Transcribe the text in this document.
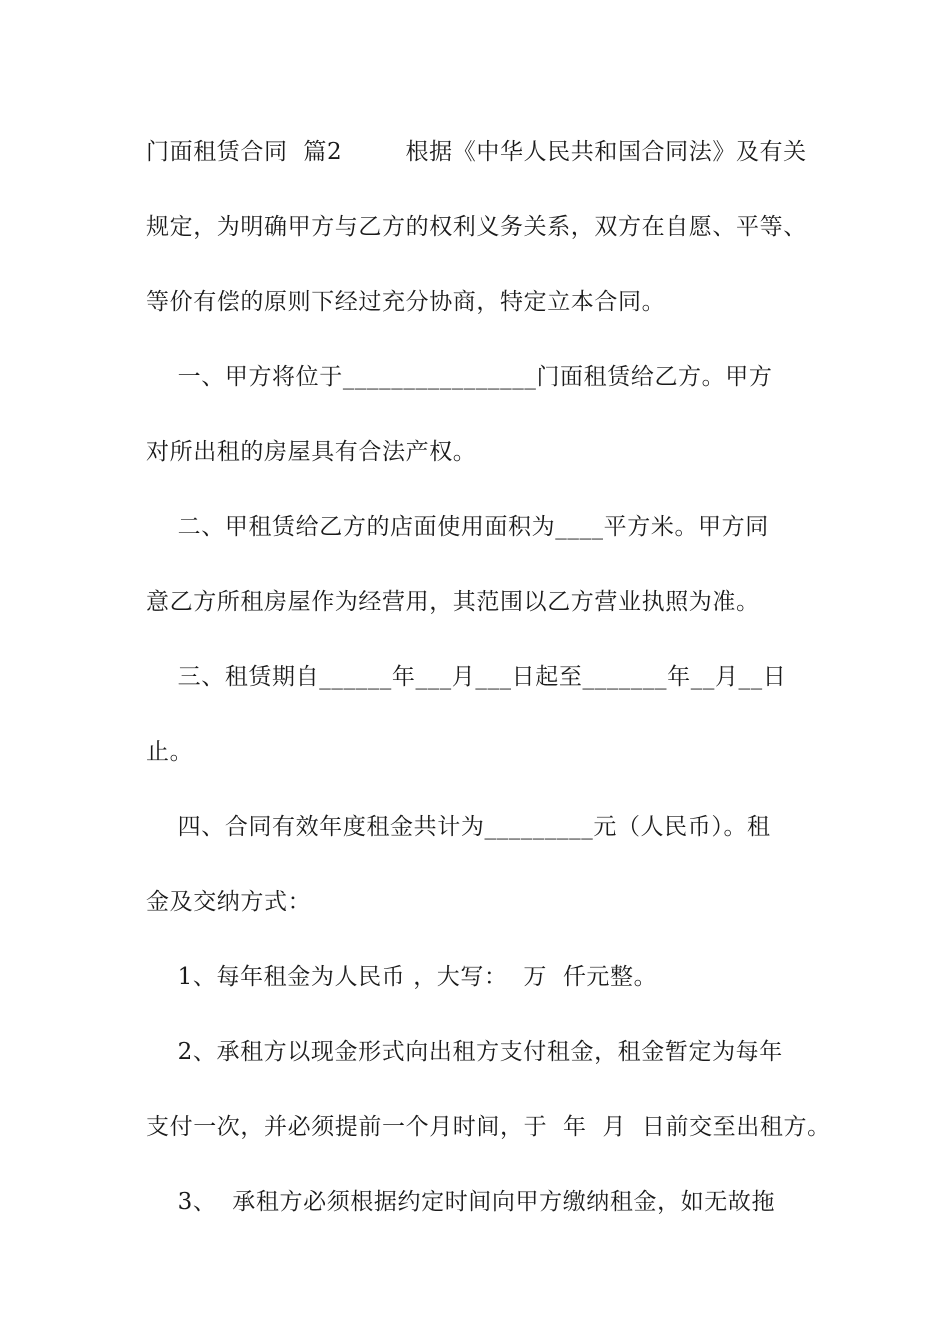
门面租赁合同  篇2        根据《中华人民共和国合同法》及有关
规定，为明确甲方与乙方的权利义务关系，双方在自愿、平等、
等价有偿的原则下经过充分协商，特定立本合同。
一、甲方将位于________________门面租赁给乙方。甲方
对所出租的房屋具有合法产权。
二、甲租赁给乙方的店面使用面积为____平方米。甲方同
意乙方所租房屋作为经营用，其范围以乙方营业执照为准。
三、租赁期自______年___月___日起至_______年__月__日
止。
四、合同有效年度租金共计为_________元（人民币）。租
金及交纳方式：
1、每年租金为人民币 ，大写：  万  仟元整。
2、承租方以现金形式向出租方支付租金，租金暂定为每年
支付一次，并必须提前一个月时间，于  年  月  日前交至出租方。
3、  承租方必须根据约定时间向甲方缴纳租金，如无故拖
